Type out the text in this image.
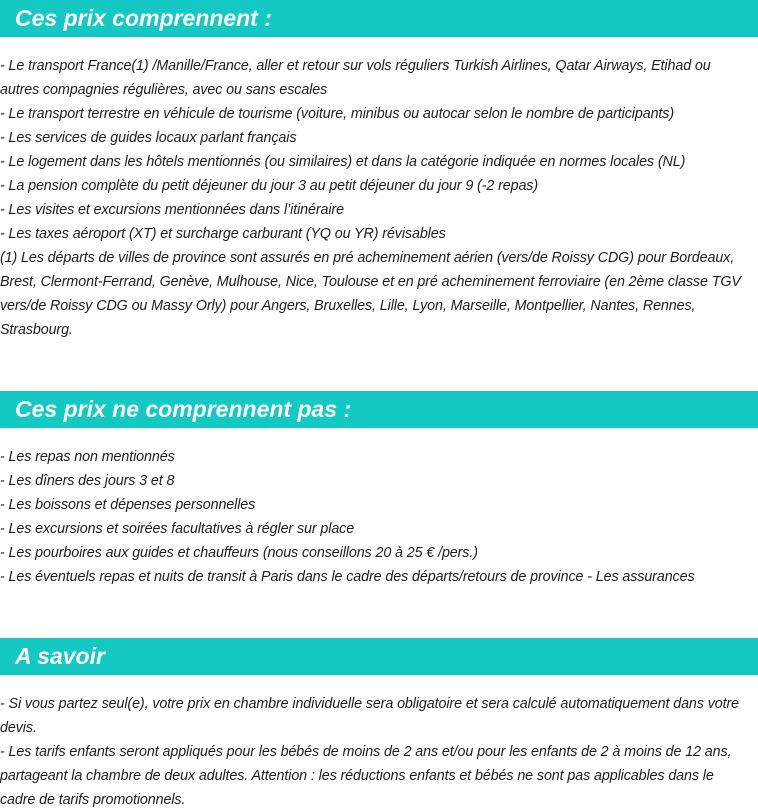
Ces prix comprennent :
- Le transport France(1) /Manille/France, aller et retour sur vols réguliers Turkish Airlines, Qatar Airways, Etihad ou autres compagnies régulières, avec ou sans escales
- Le transport terrestre en véhicule de tourisme (voiture, minibus ou autocar selon le nombre de participants)
- Les services de guides locaux parlant français
- Le logement dans les hôtels mentionnés (ou similaires) et dans la catégorie indiquée en normes locales (NL)
- La pension complète du petit déjeuner du jour 3 au petit déjeuner du jour 9 (-2 repas)
- Les visites et excursions mentionnées dans l’itinéraire
- Les taxes aéroport (XT) et surcharge carburant (YQ ou YR) révisables
(1) Les départs de villes de province sont assurés en pré acheminement aérien (vers/de Roissy CDG) pour Bordeaux, Brest, Clermont-Ferrand, Genève, Mulhouse, Nice, Toulouse et en pré acheminement ferroviaire (en 2ème classe TGV vers/de Roissy CDG ou Massy Orly) pour Angers, Bruxelles, Lille, Lyon, Marseille, Montpellier, Nantes, Rennes, Strasbourg.
Ces prix ne comprennent pas :
- Les repas non mentionnés
- Les dîners des jours 3 et 8
- Les boissons et dépenses personnelles
- Les excursions et soirées facultatives à régler sur place
- Les pourboires aux guides et chauffeurs (nous conseillons 20 à 25 € /pers.)
- Les éventuels repas et nuits de transit à Paris dans le cadre des départs/retours de province - Les assurances
A savoir
- Si vous partez seul(e), votre prix en chambre individuelle sera obligatoire et sera calculé automatiquement dans votre devis.
- Les tarifs enfants seront appliqués pour les bébés de moins de 2 ans et/ou pour les enfants de 2 à moins de 12 ans, partageant la chambre de deux adultes. Attention : les réductions enfants et bébés ne sont pas applicables dans le cadre de tarifs promotionnels.
